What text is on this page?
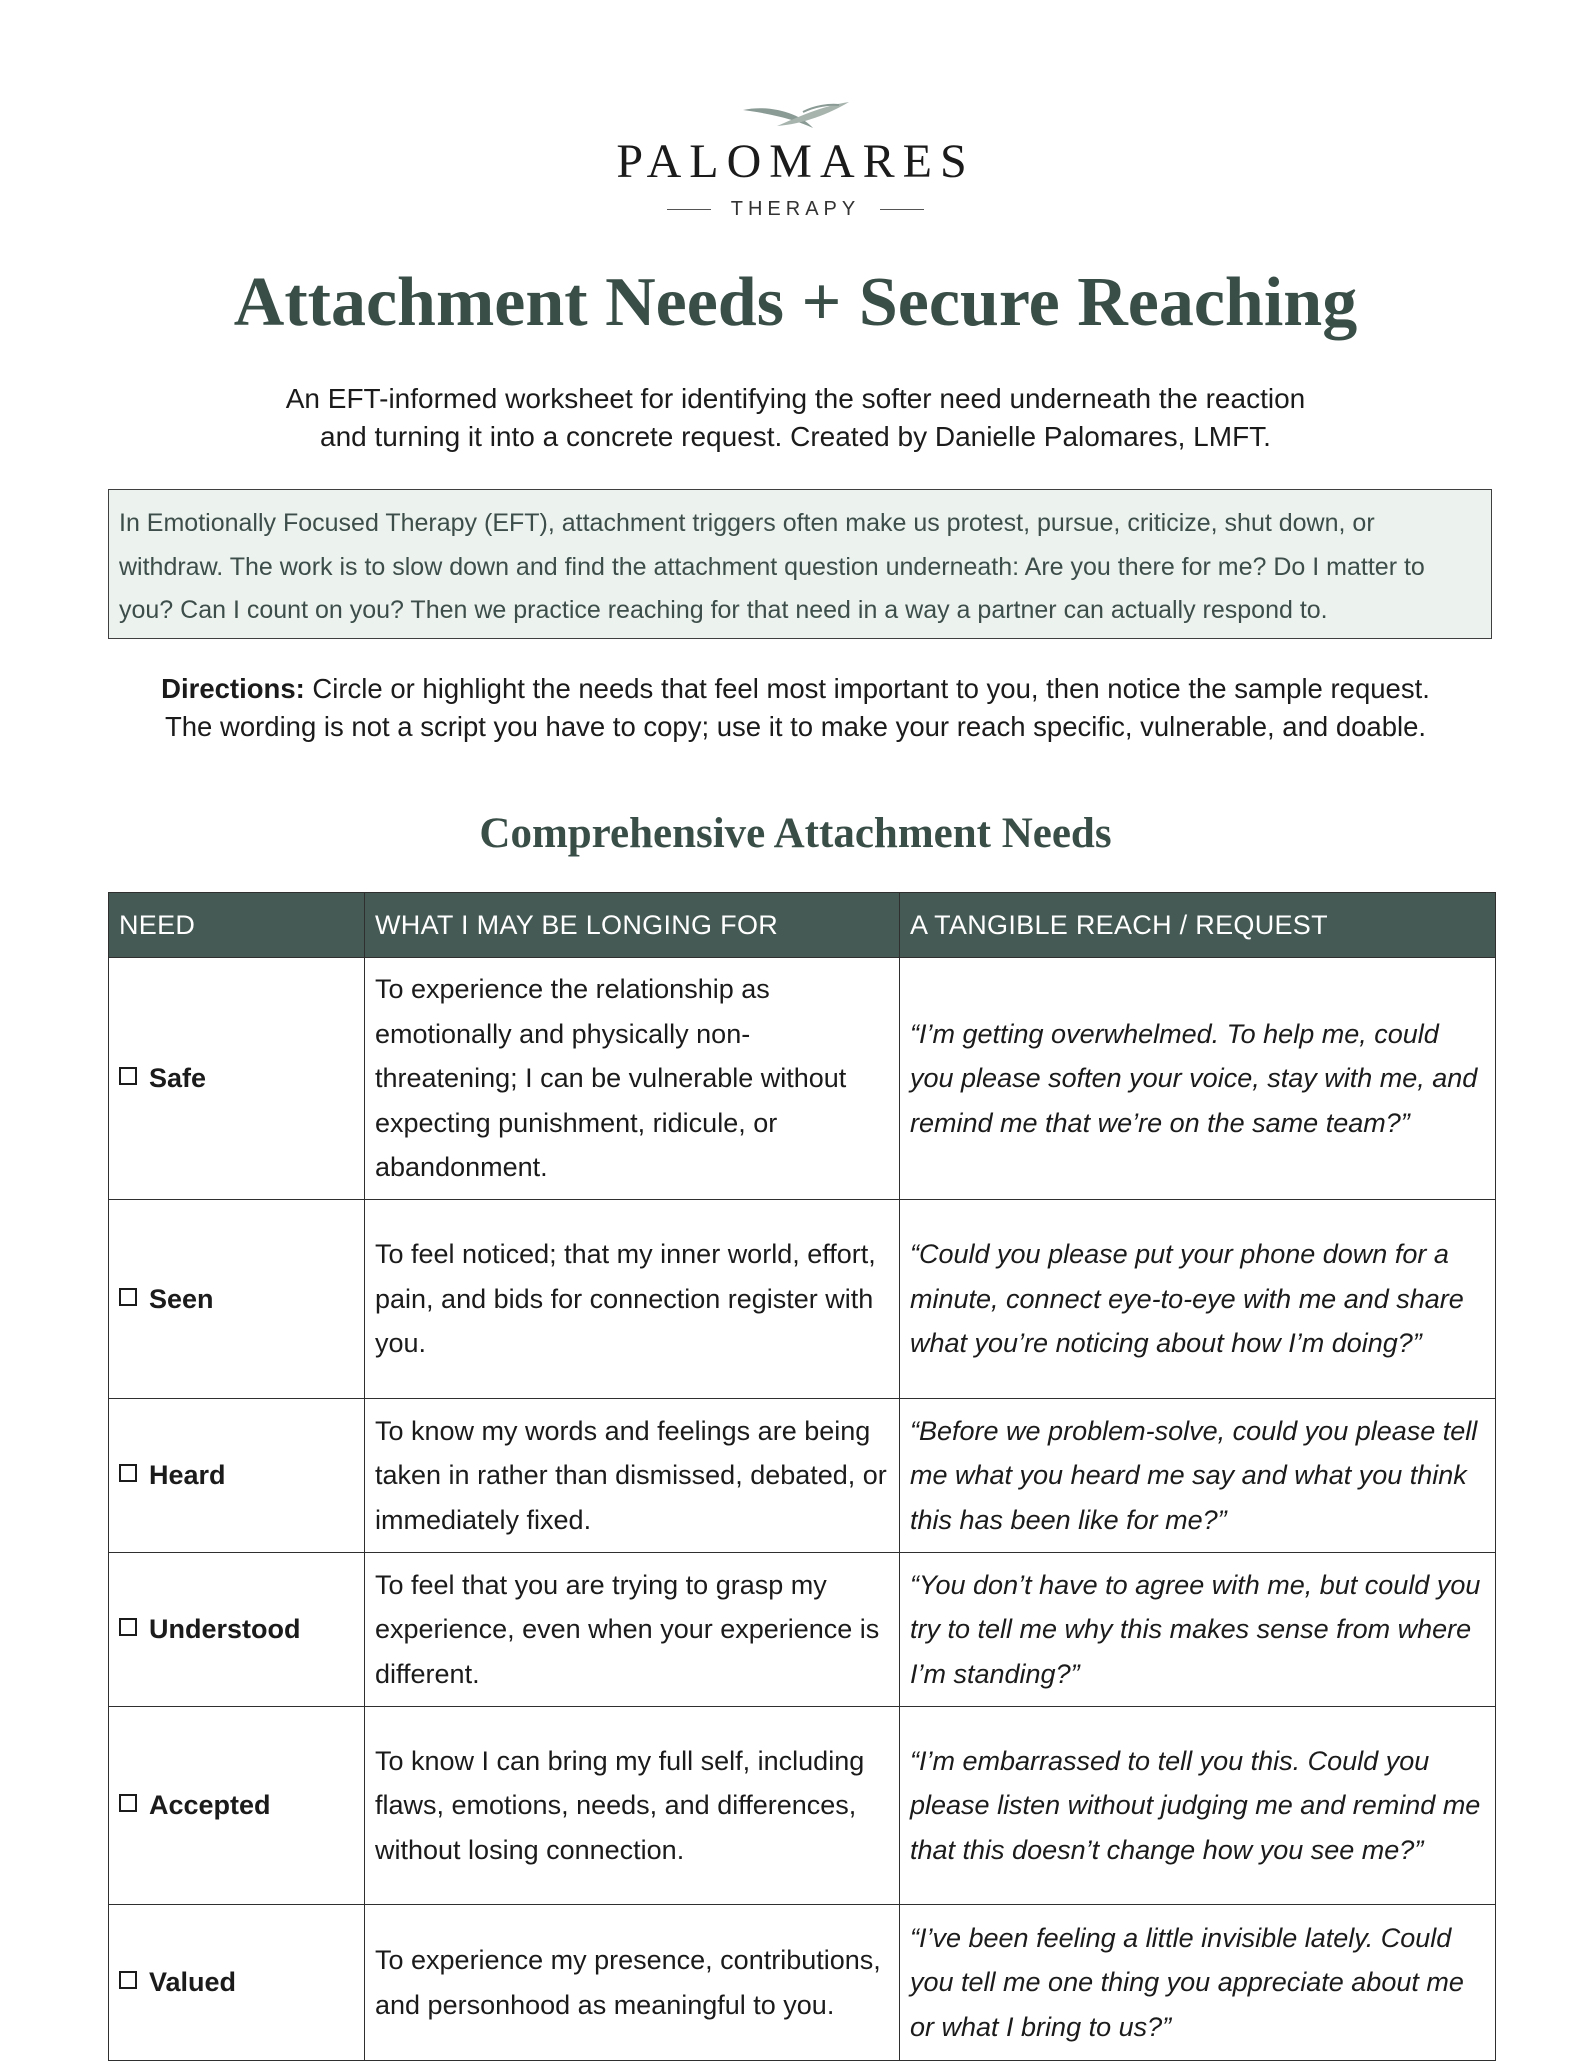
PALOMARES
THERAPY
Attachment Needs + Secure Reaching
An EFT-informed worksheet for identifying the softer need underneath the reaction
and turning it into a concrete request. Created by Danielle Palomares, LMFT.
In Emotionally Focused Therapy (EFT), attachment triggers often make us protest, pursue, criticize, shut down, or withdraw. The work is to slow down and find the attachment question underneath: Are you there for me? Do I matter to you? Can I count on you? Then we practice reaching for that need in a way a partner can actually respond to.
Directions: Circle or highlight the needs that feel most important to you, then notice the sample request.
The wording is not a script you have to copy; use it to make your reach specific, vulnerable, and doable.
Comprehensive Attachment Needs
NEED	WHAT I MAY BE LONGING FOR	A TANGIBLE REACH / REQUEST
Safe	To experience the relationship as emotionally and physically non-threatening; I can be vulnerable without expecting punishment, ridicule, or abandonment.	“I’m getting overwhelmed. To help me, could you please soften your voice, stay with me, and remind me that we’re on the same team?”
Seen	To feel noticed; that my inner world, effort, pain, and bids for connection register with you.	“Could you please put your phone down for a minute, connect eye-to-eye with me and share what you’re noticing about how I’m doing?”
Heard	To know my words and feelings are being taken in rather than dismissed, debated, or immediately fixed.	“Before we problem-solve, could you please tell me what you heard me say and what you think this has been like for me?”
Understood	To feel that you are trying to grasp my experience, even when your experience is different.	“You don’t have to agree with me, but could you try to tell me why this makes sense from where I’m standing?”
Accepted	To know I can bring my full self, including flaws, emotions, needs, and differences, without losing connection.	“I’m embarrassed to tell you this. Could you please listen without judging me and remind me that this doesn’t change how you see me?”
Valued	To experience my presence, contributions, and personhood as meaningful to you.	“I’ve been feeling a little invisible lately. Could you tell me one thing you appreciate about me or what I bring to us?”
